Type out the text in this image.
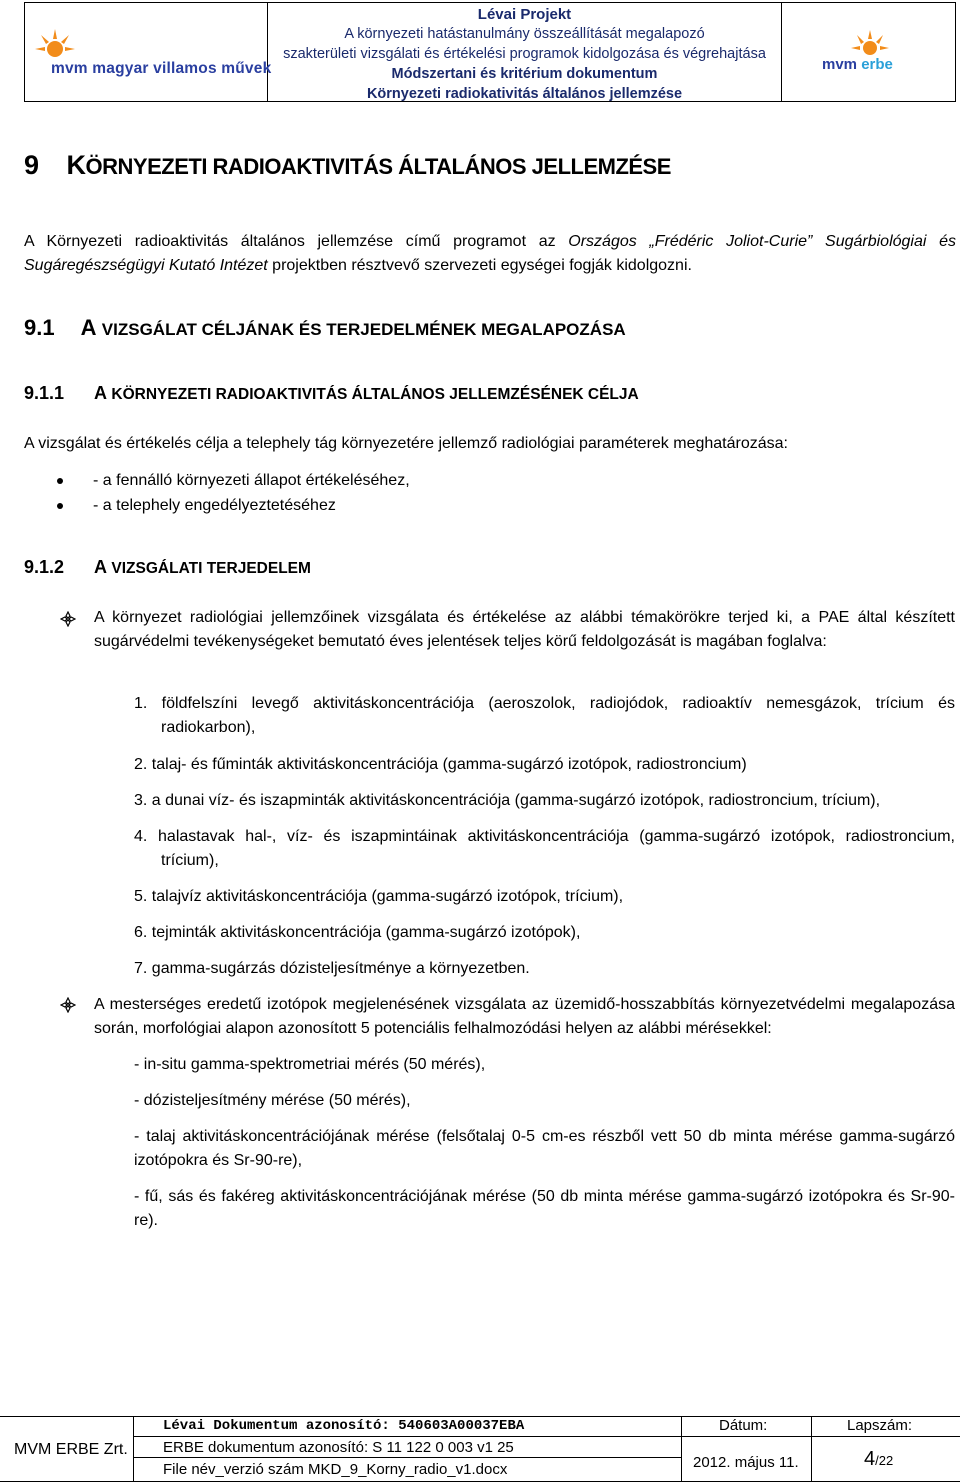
mvm magyar villamos művek
Lévai Projekt
A környezeti hatástanulmány összeállítását megalapozó
szakterületi vizsgálati és értékelési programok kidolgozása és végrehajtása
Módszertani és kritérium dokumentum
Környezeti radiokativitás általános jellemzése
mvm erbe
9 KÖRNYEZETI RADIOAKTIVITÁS ÁLTALÁNOS JELLEMZÉSE
A Környezeti radioaktivitás általános jellemzése című programot az Országos „Frédéric Joliot-Curie” Sugárbiológiai és Sugáregészségügyi Kutató Intézet projektben résztvevő szervezeti egységei fogják kidolgozni.
9.1 A VIZSGÁLAT CÉLJÁNAK ÉS TERJEDELMÉNEK MEGALAPOZÁSA
9.1.1 A KÖRNYEZETI RADIOAKTIVITÁS ÁLTALÁNOS JELLEMZÉSÉNEK CÉLJA
A vizsgálat és értékelés célja a telephely tág környezetére jellemző radiológiai paraméterek meghatározása:
- a fennálló környezeti állapot értékeléséhez,
- a telephely engedélyeztetéséhez
9.1.2 A VIZSGÁLATI TERJEDELEM
A környezet radiológiai jellemzőinek vizsgálata és értékelése az alábbi témakörökre terjed ki, a PAE által készített sugárvédelmi tevékenységeket bemutató éves jelentések teljes körű feldolgozását is magában foglalva:
1. földfelszíni levegő aktivitáskoncentrációja (aeroszolok, radiojódok, radioaktív nemesgázok, trícium és radiokarbon),
2. talaj- és fűminták aktivitáskoncentrációja (gamma-sugárzó izotópok, radiostroncium)
3. a dunai víz- és iszapminták aktivitáskoncentrációja (gamma-sugárzó izotópok, radiostroncium, trícium),
4. halastavak hal-, víz- és iszapmintáinak aktivitáskoncentrációja (gamma-sugárzó izotópok, radiostroncium, trícium),
5. talajvíz aktivitáskoncentrációja (gamma-sugárzó izotópok, trícium),
6. tejminták aktivitáskoncentrációja (gamma-sugárzó izotópok),
7. gamma-sugárzás dózisteljesítménye a környezetben.
A mesterséges eredetű izotópok megjelenésének vizsgálata az üzemidő-hosszabbítás környezetvédelmi megalapozása során, morfológiai alapon azonosított 5 potenciális felhalmozódási helyen az alábbi mérésekkel:
- in-situ gamma-spektrometriai mérés (50 mérés),
- dózisteljesítmény mérése (50 mérés),
- talaj aktivitáskoncentrációjának mérése (felsőtalaj 0-5 cm-es részből vett 50 db minta mérése gamma-sugárzó izotópokra és Sr-90-re),
- fű, sás és fakéreg aktivitáskoncentrációjának mérése (50 db minta mérése gamma-sugárzó izotópokra és Sr-90-re).
MVM ERBE Zrt.
Lévai Dokumentum azonosító: 540603A00037EBA
ERBE dokumentum azonosító: S 11 122 0 003 v1 25
File név_verzió szám MKD_9_Korny_radio_v1.docx
Dátum:
2012. május 11.
Lapszám:
4/22
